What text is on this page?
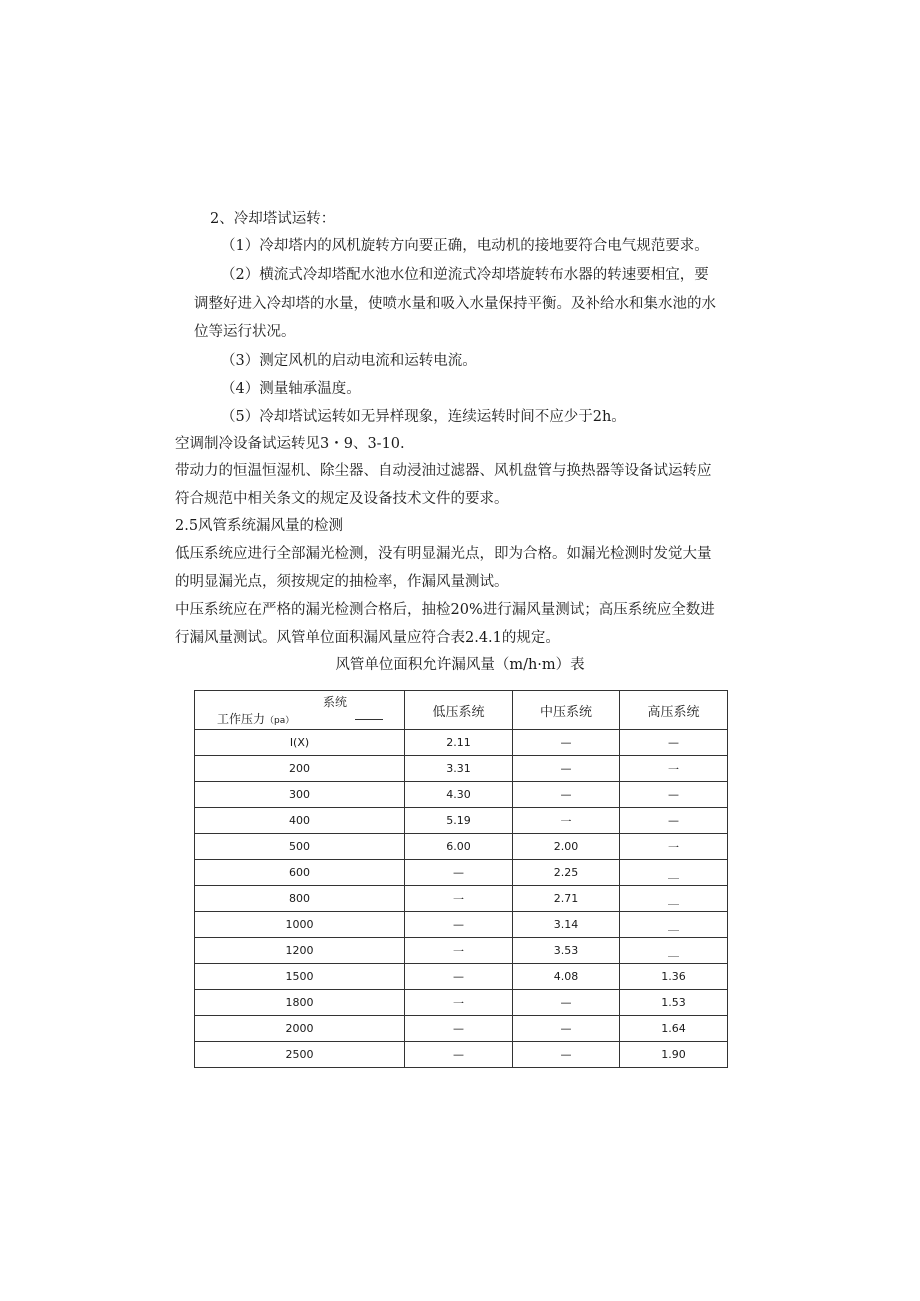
2、冷却塔试运转：
（1）冷却塔内的风机旋转方向要正确，电动机的接地要符合电气规范要求。
（2）横流式冷却塔配水池水位和逆流式冷却塔旋转布水器的转速要相宜，要
调整好进入冷却塔的水量，使喷水量和吸入水量保持平衡。及补给水和集水池的水
位等运行状况。
（3）测定风机的启动电流和运转电流。
（4）测量轴承温度。
（5）冷却塔试运转如无异样现象，连续运转时间不应少于2h。
空调制冷设备试运转见3・9、3-10.
带动力的恒温恒湿机、除尘器、自动浸油过滤器、风机盘管与换热器等设备试运转应
符合规范中相关条文的规定及设备技术文件的要求。
2.5风管系统漏风量的检测
低压系统应进行全部漏光检测，没有明显漏光点，即为合格。如漏光检测时发觉大量
的明显漏光点，须按规定的抽检率，作漏风量测试。
中压系统应在严格的漏光检测合格后，抽检20%进行漏风量测试；高压系统应全数进
行漏风量测试。风管单位面积漏风量应符合表2.4.1的规定。
风管单位面积允许漏风量（m/h·m）表
系统
工作压力（pa）	低压系统	中压系统	高压系统
I(X)	2.11	—	—
200	3.31	—	一
300	4.30	—	—
400	5.19	一	—
500	6.00	2.00	一
600	—	2.25	＿
800	一	2.71	＿
1000	—	3.14	＿
1200	一	3.53	＿
1500	—	4.08	1.36
1800	一	—	1.53
2000	—	—	1.64
2500	—	—	1.90
